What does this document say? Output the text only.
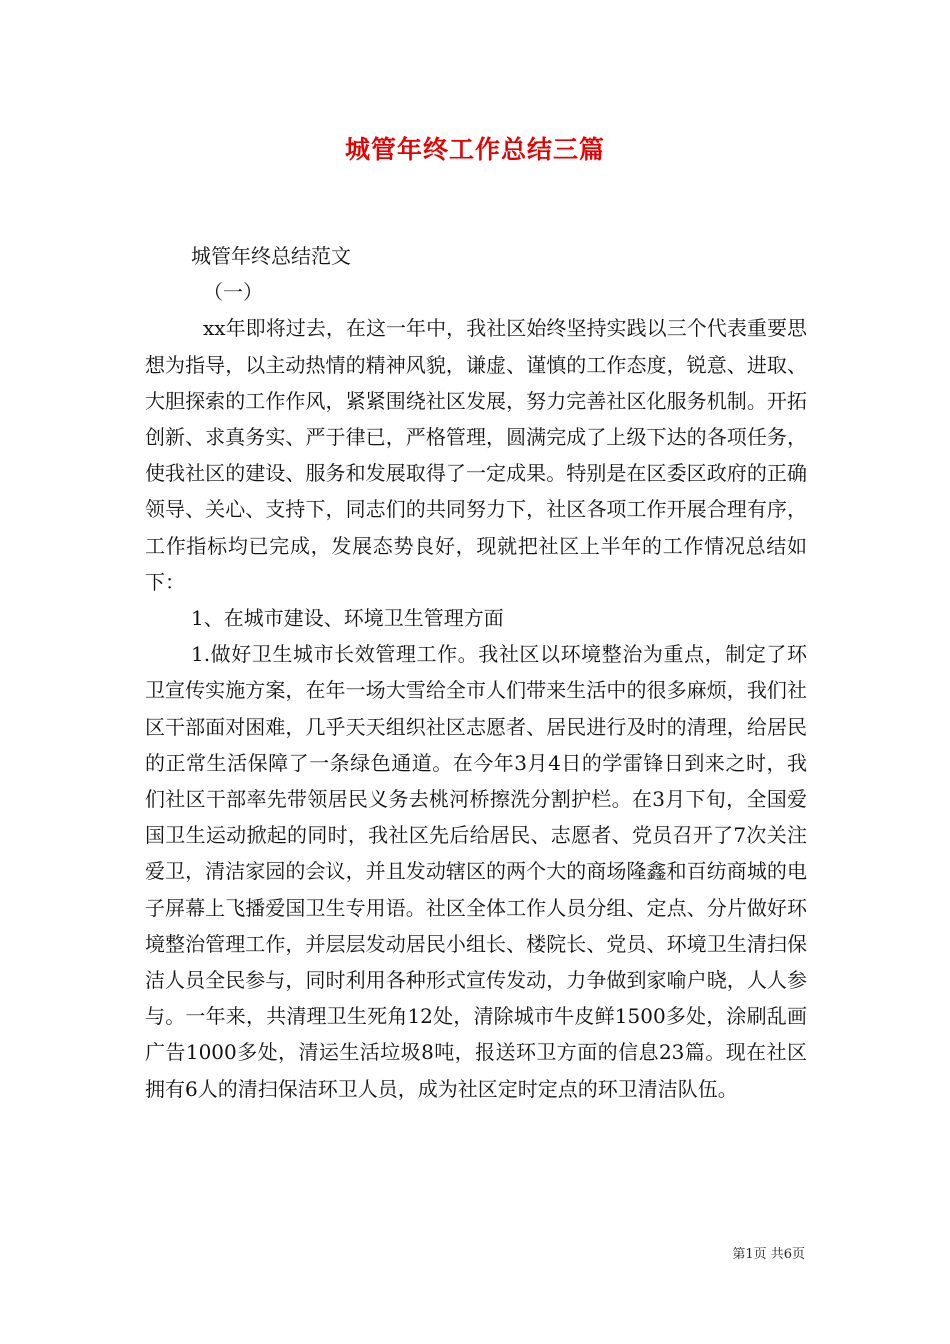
城管年终工作总结三篇

城管年终总结范文

（一）

xx年即将过去，在这一年中，我社区始终坚持实践以三个代表重要思想为指导，以主动热情的精神风貌，谦虚、谨慎的工作态度，锐意、进取、大胆探索的工作作风，紧紧围绕社区发展，努力完善社区化服务机制。开拓创新、求真务实、严于律已，严格管理，圆满完成了上级下达的各项任务，使我社区的建设、服务和发展取得了一定成果。特别是在区委区政府的正确领导、关心、支持下，同志们的共同努力下，社区各项工作开展合理有序，工作指标均已完成，发展态势良好，现就把社区上半年的工作情况总结如下：

1、在城市建设、环境卫生管理方面

1.做好卫生城市长效管理工作。我社区以环境整治为重点，制定了环卫宣传实施方案，在年一场大雪给全市人们带来生活中的很多麻烦，我们社区干部面对困难，几乎天天组织社区志愿者、居民进行及时的清理，给居民的正常生活保障了一条绿色通道。在今年3月4日的学雷锋日到来之时，我们社区干部率先带领居民义务去桃河桥擦洗分割护栏。在3月下旬，全国爱国卫生运动掀起的同时，我社区先后给居民、志愿者、党员召开了7次关注爱卫，清洁家园的会议，并且发动辖区的两个大的商场隆鑫和百纺商城的电子屏幕上飞播爱国卫生专用语。社区全体工作人员分组、定点、分片做好环境整治管理工作，并层层发动居民小组长、楼院长、党员、环境卫生清扫保洁人员全民参与，同时利用各种形式宣传发动，力争做到家喻户晓，人人参与。一年来，共清理卫生死角12处，清除城市牛皮鲜1500多处，涂刷乱画广告1000多处，清运生活垃圾8吨，报送环卫方面的信息23篇。现在社区拥有6人的清扫保洁环卫人员，成为社区定时定点的环卫清洁队伍。

第1页 共6页
